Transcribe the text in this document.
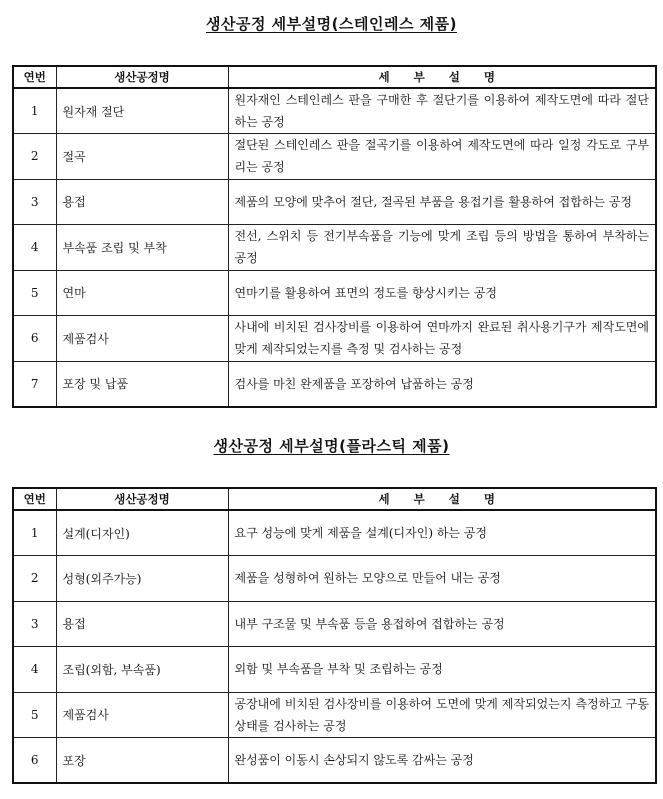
생산공정 세부설명(스테인레스 제품)
연번	생산공정명	세 부 설 명
1	원자재 절단	원자재인 스테인레스 판을 구매한 후 절단기를 이용하여 제작도면에 따라 절단하는 공정
2	절곡	절단된 스테인레스 판을 절곡기를 이용하여 제작도면에 따라 일정 각도로 구부리는 공정
3	용접	제품의 모양에 맞추어 절단, 절곡된 부품을 용접기를 활용하여 접합하는 공정
4	부속품 조립 및 부착	전선, 스위치 등 전기부속품을 기능에 맞게 조립 등의 방법을 통하여 부착하는 공정
5	연마	연마기를 활용하여 표면의 정도를 향상시키는 공정
6	제품검사	사내에 비치된 검사장비를 이용하여 연마까지 완료된 취사용기구가 제작도면에 맞게 제작되었는지를 측정 및 검사하는 공정
7	포장 및 납품	검사를 마친 완제품을 포장하여 납품하는 공정
생산공정 세부설명(플라스틱 제품)
연번	생산공정명	세 부 설 명
1	설계(디자인)	요구 성능에 맞게 제품을 설계(디자인) 하는 공정
2	성형(외주가능)	제품을 성형하여 원하는 모양으로 만들어 내는 공정
3	용접	내부 구조물 및 부속품 등을 용접하여 접합하는 공정
4	조립(외함, 부속품)	외함 및 부속품을 부착 및 조립하는 공정
5	제품검사	공장내에 비치된 검사장비를 이용하여 도면에 맞게 제작되었는지 측정하고 구동상태를 검사하는 공정
6	포장	완성품이 이동시 손상되지 않도록 감싸는 공정
